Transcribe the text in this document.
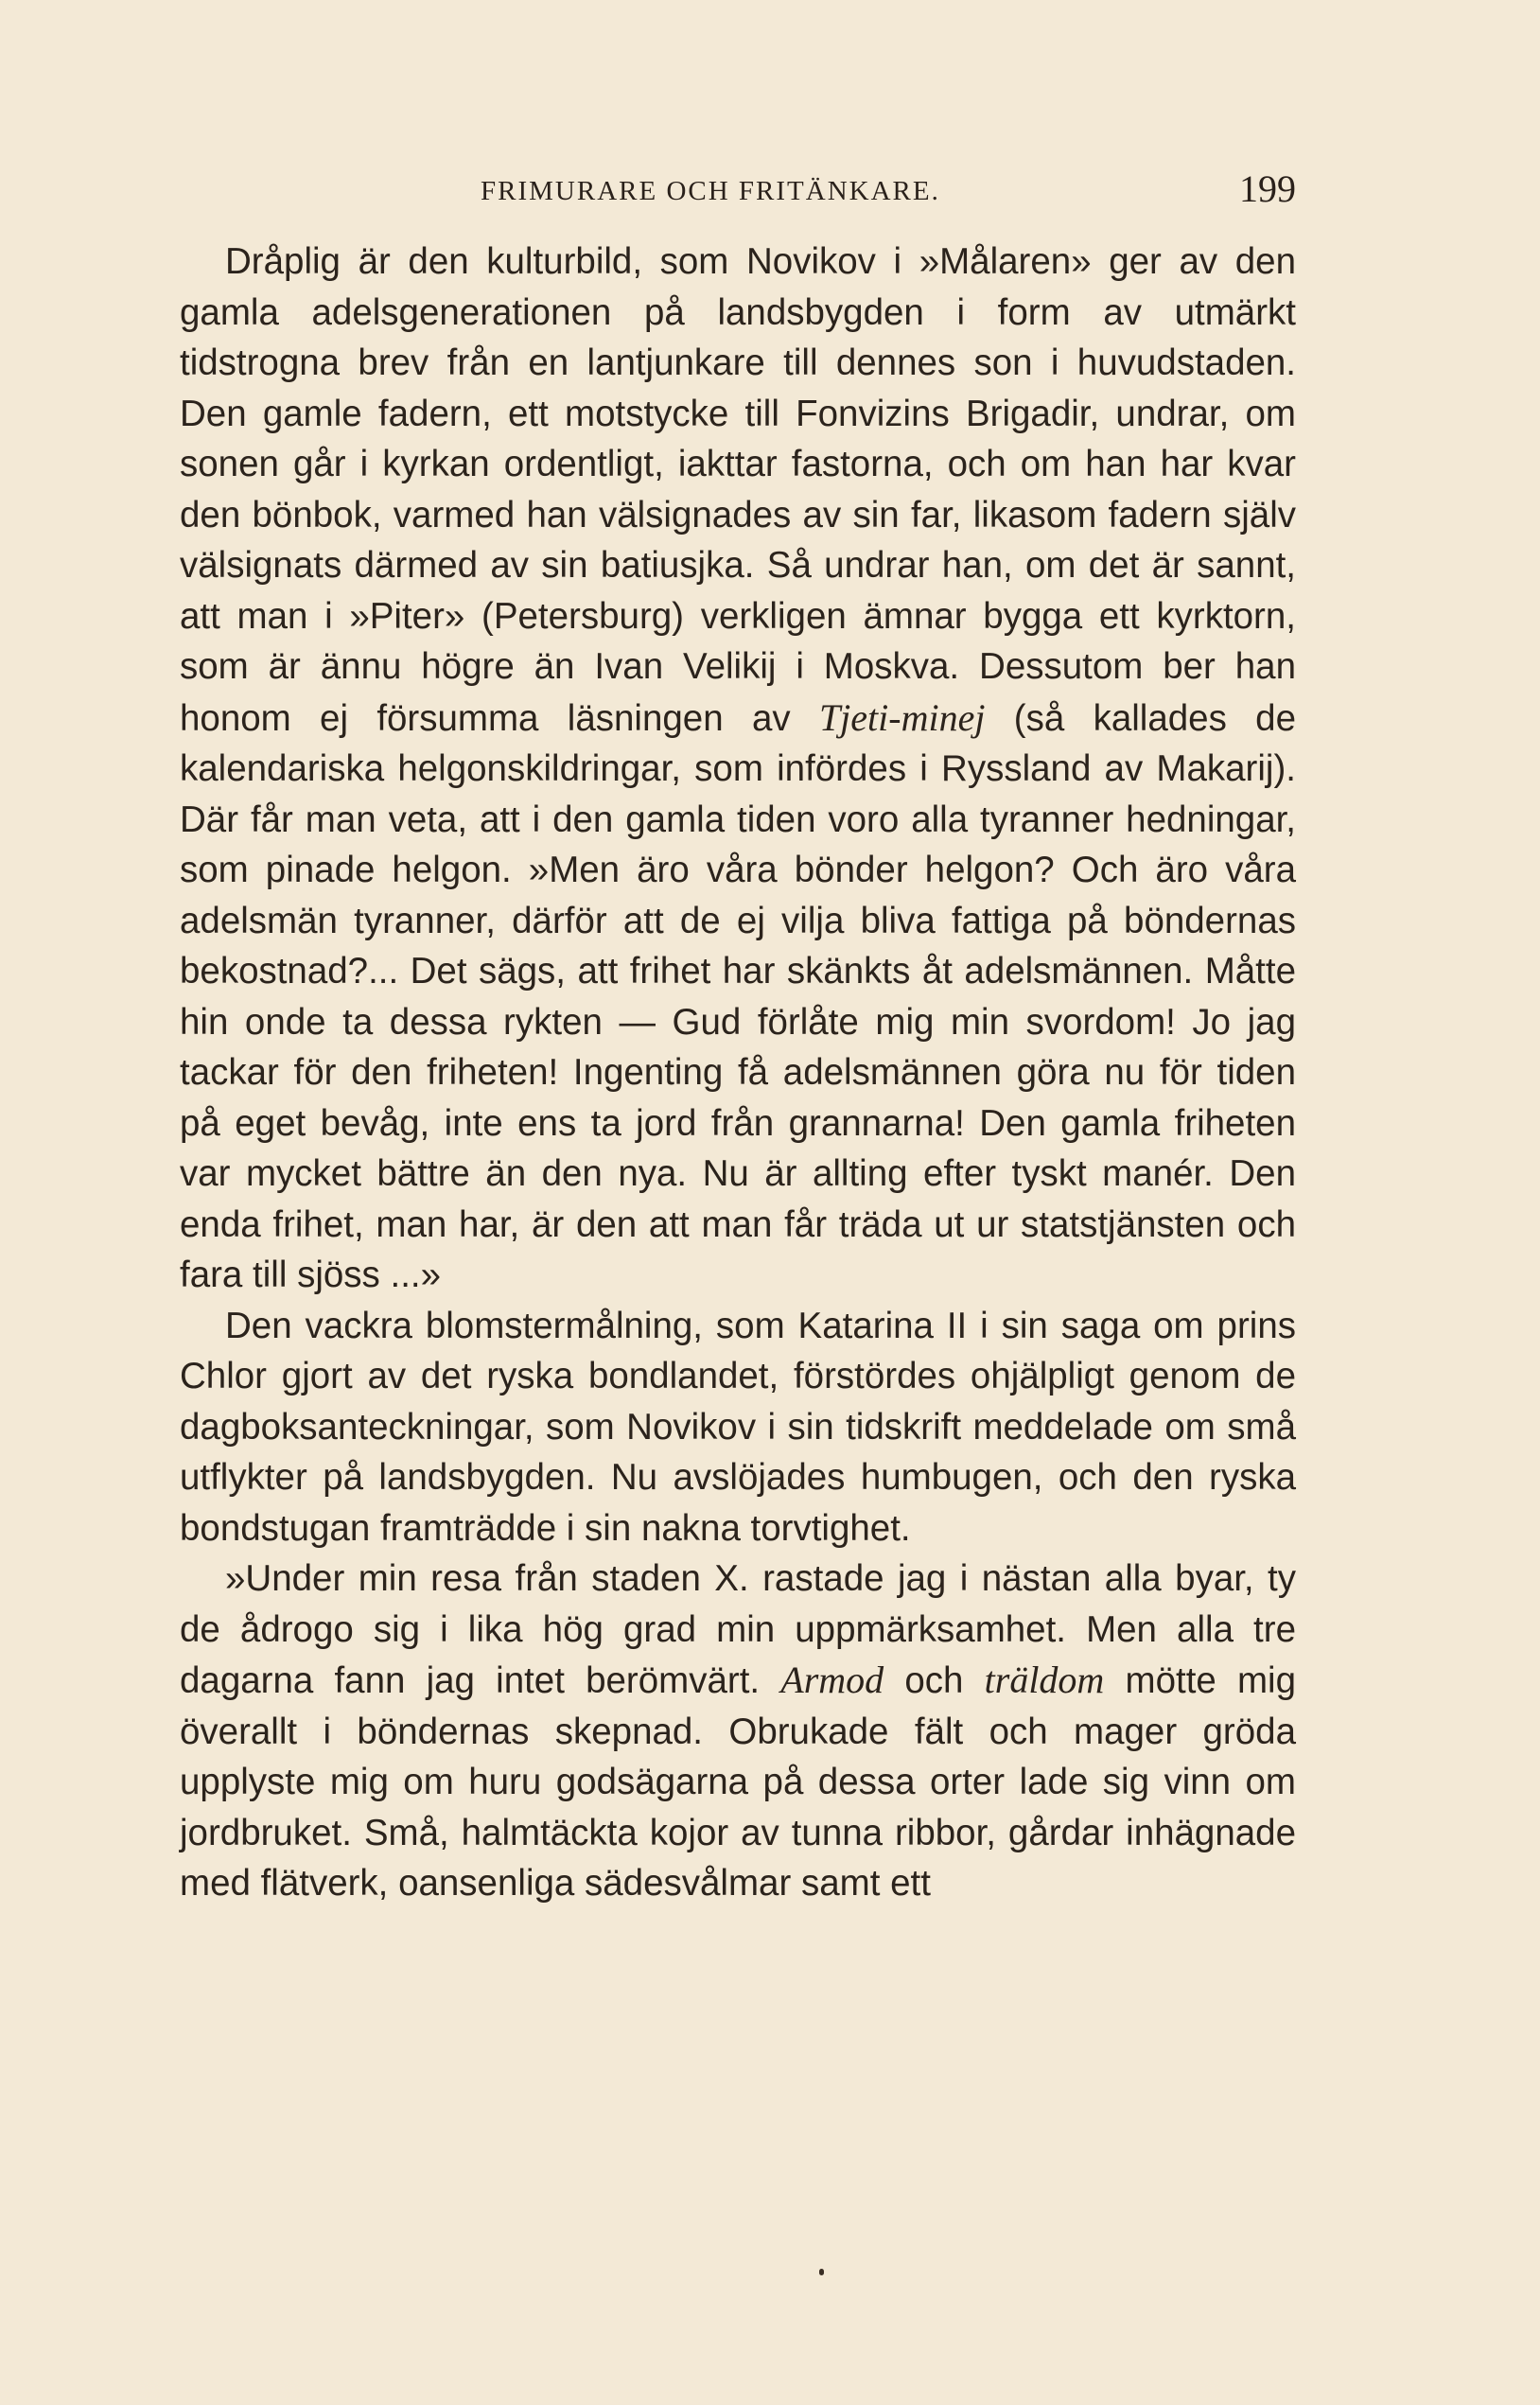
FRIMURARE OCH FRITÄNKARE.	199

Dråplig är den kulturbild, som Novikov i »Målaren» ger av den gamla adelsgenerationen på landsbygden i form av utmärkt tidstrogna brev från en lantjunkare till dennes son i huvudstaden. Den gamle fadern, ett motstycke till Fonvizins Brigadir, undrar, om sonen går i kyrkan ordentligt, iakttar fastorna, och om han har kvar den bönbok, varmed han välsignades av sin far, likasom fadern själv välsignats därmed av sin batiusjka. Så undrar han, om det är sannt, att man i »Piter» (Petersburg) verkligen ämnar bygga ett kyrktorn, som är ännu högre än Ivan Velikij i Moskva. Dessutom ber han honom ej försumma läsningen av Tjeti-minej (så kallades de kalendariska helgonskildringar, som infördes i Ryssland av Makarij). Där får man veta, att i den gamla tiden voro alla tyranner hedningar, som pinade helgon. »Men äro våra bönder helgon? Och äro våra adelsmän tyranner, därför att de ej vilja bliva fattiga på böndernas bekostnad?... Det sägs, att frihet har skänkts åt adelsmännen. Måtte hin onde ta dessa rykten — Gud förlåte mig min svordom! Jo jag tackar för den friheten! Ingenting få adelsmännen göra nu för tiden på eget bevåg, inte ens ta jord från grannarna! Den gamla friheten var mycket bättre än den nya. Nu är allting efter tyskt manér. Den enda frihet, man har, är den att man får träda ut ur statstjänsten och fara till sjöss ...»

Den vackra blomstermålning, som Katarina II i sin saga om prins Chlor gjort av det ryska bondlandet, förstördes ohjälpligt genom de dagboksanteckningar, som Novikov i sin tidskrift meddelade om små utflykter på landsbygden. Nu avslöjades humbugen, och den ryska bondstugan framträdde i sin nakna torvtighet.

»Under min resa från staden X. rastade jag i nästan alla byar, ty de ådrogo sig i lika hög grad min uppmärksamhet. Men alla tre dagarna fann jag intet berömvärt. Armod och träldom mötte mig överallt i böndernas skepnad. Obrukade fält och mager gröda upplyste mig om huru godsägarna på dessa orter lade sig vinn om jordbruket. Små, halmtäckta kojor av tunna ribbor, gårdar inhägnade med flätverk, oansenliga sädesvålmar samt ett
